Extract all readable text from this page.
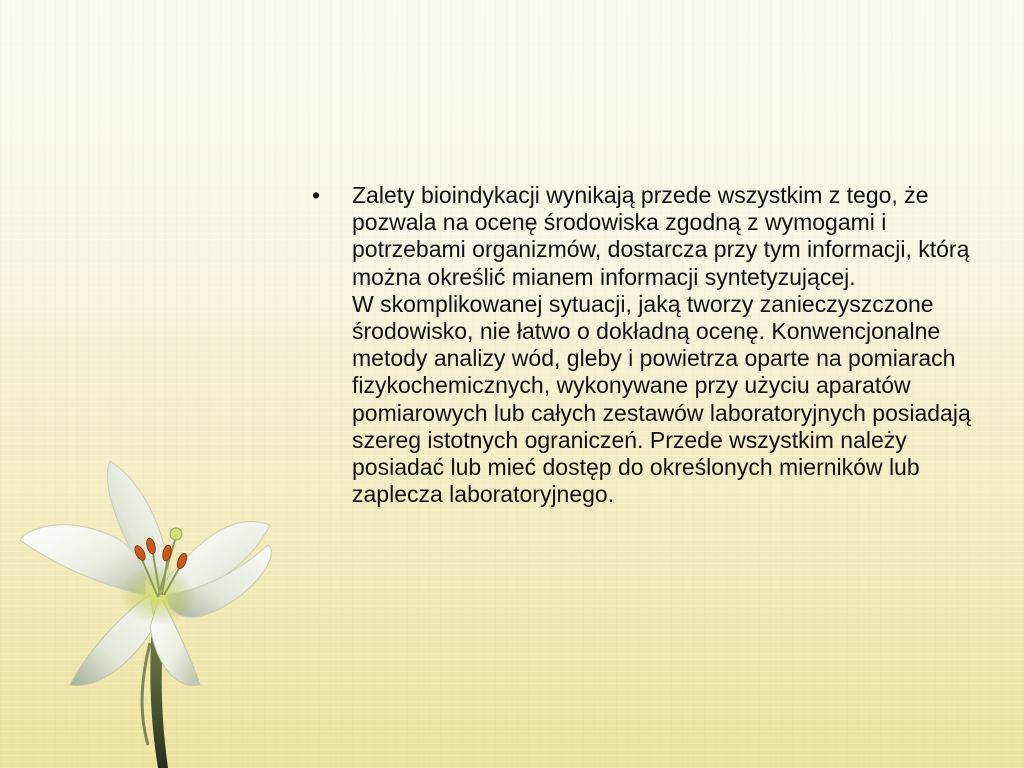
•	Zalety bioindykacji wynikają przede wszystkim z tego, że pozwala na ocenę środowiska zgodną z wymogami i potrzebami organizmów, dostarcza przy tym informacji, którą można określić mianem informacji syntetyzującej.
W skomplikowanej sytuacji, jaką tworzy zanieczyszczone środowisko, nie łatwo o dokładną ocenę. Konwencjonalne metody analizy wód, gleby i powietrza oparte na pomiarach fizykochemicznych, wykonywane przy użyciu aparatów pomiarowych lub całych zestawów laboratoryjnych posiadają szereg istotnych ograniczeń. Przede wszystkim należy posiadać lub mieć dostęp do określonych mierników lub zaplecza laboratoryjnego.
